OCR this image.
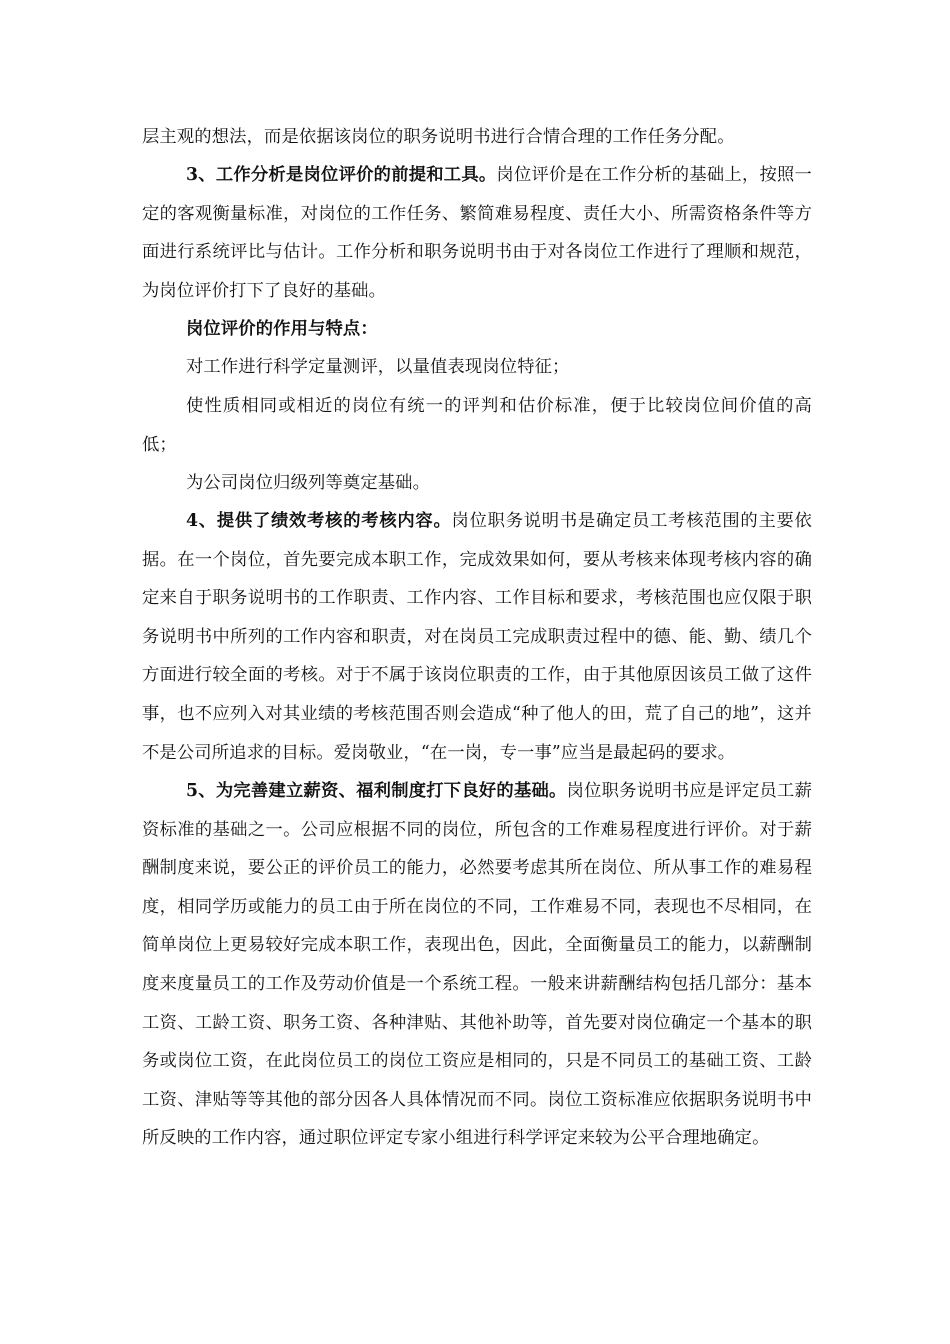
层主观的想法，而是依据该岗位的职务说明书进行合情合理的工作任务分配。

3、工作分析是岗位评价的前提和工具。岗位评价是在工作分析的基础上，按照一定的客观衡量标准，对岗位的工作任务、繁简难易程度、责任大小、所需资格条件等方面进行系统评比与估计。工作分析和职务说明书由于对各岗位工作进行了理顺和规范，为岗位评价打下了良好的基础。

岗位评价的作用与特点：

对工作进行科学定量测评，以量值表现岗位特征；

使性质相同或相近的岗位有统一的评判和估价标准，便于比较岗位间价值的高低；

为公司岗位归级列等奠定基础。

4、提供了绩效考核的考核内容。岗位职务说明书是确定员工考核范围的主要依据。在一个岗位，首先要完成本职工作，完成效果如何，要从考核来体现考核内容的确定来自于职务说明书的工作职责、工作内容、工作目标和要求，考核范围也应仅限于职务说明书中所列的工作内容和职责，对在岗员工完成职责过程中的德、能、勤、绩几个方面进行较全面的考核。对于不属于该岗位职责的工作，由于其他原因该员工做了这件事，也不应列入对其业绩的考核范围否则会造成“种了他人的田，荒了自己的地”，这并不是公司所追求的目标。爱岗敬业，“在一岗，专一事”应当是最起码的要求。

5、为完善建立薪资、福利制度打下良好的基础。岗位职务说明书应是评定员工薪资标准的基础之一。公司应根据不同的岗位，所包含的工作难易程度进行评价。对于薪酬制度来说，要公正的评价员工的能力，必然要考虑其所在岗位、所从事工作的难易程度，相同学历或能力的员工由于所在岗位的不同，工作难易不同，表现也不尽相同，在简单岗位上更易较好完成本职工作，表现出色，因此，全面衡量员工的能力，以薪酬制度来度量员工的工作及劳动价值是一个系统工程。一般来讲薪酬结构包括几部分：基本工资、工龄工资、职务工资、各种津贴、其他补助等，首先要对岗位确定一个基本的职务或岗位工资，在此岗位员工的岗位工资应是相同的，只是不同员工的基础工资、工龄工资、津贴等等其他的部分因各人具体情况而不同。岗位工资标准应依据职务说明书中所反映的工作内容，通过职位评定专家小组进行科学评定来较为公平合理地确定。
